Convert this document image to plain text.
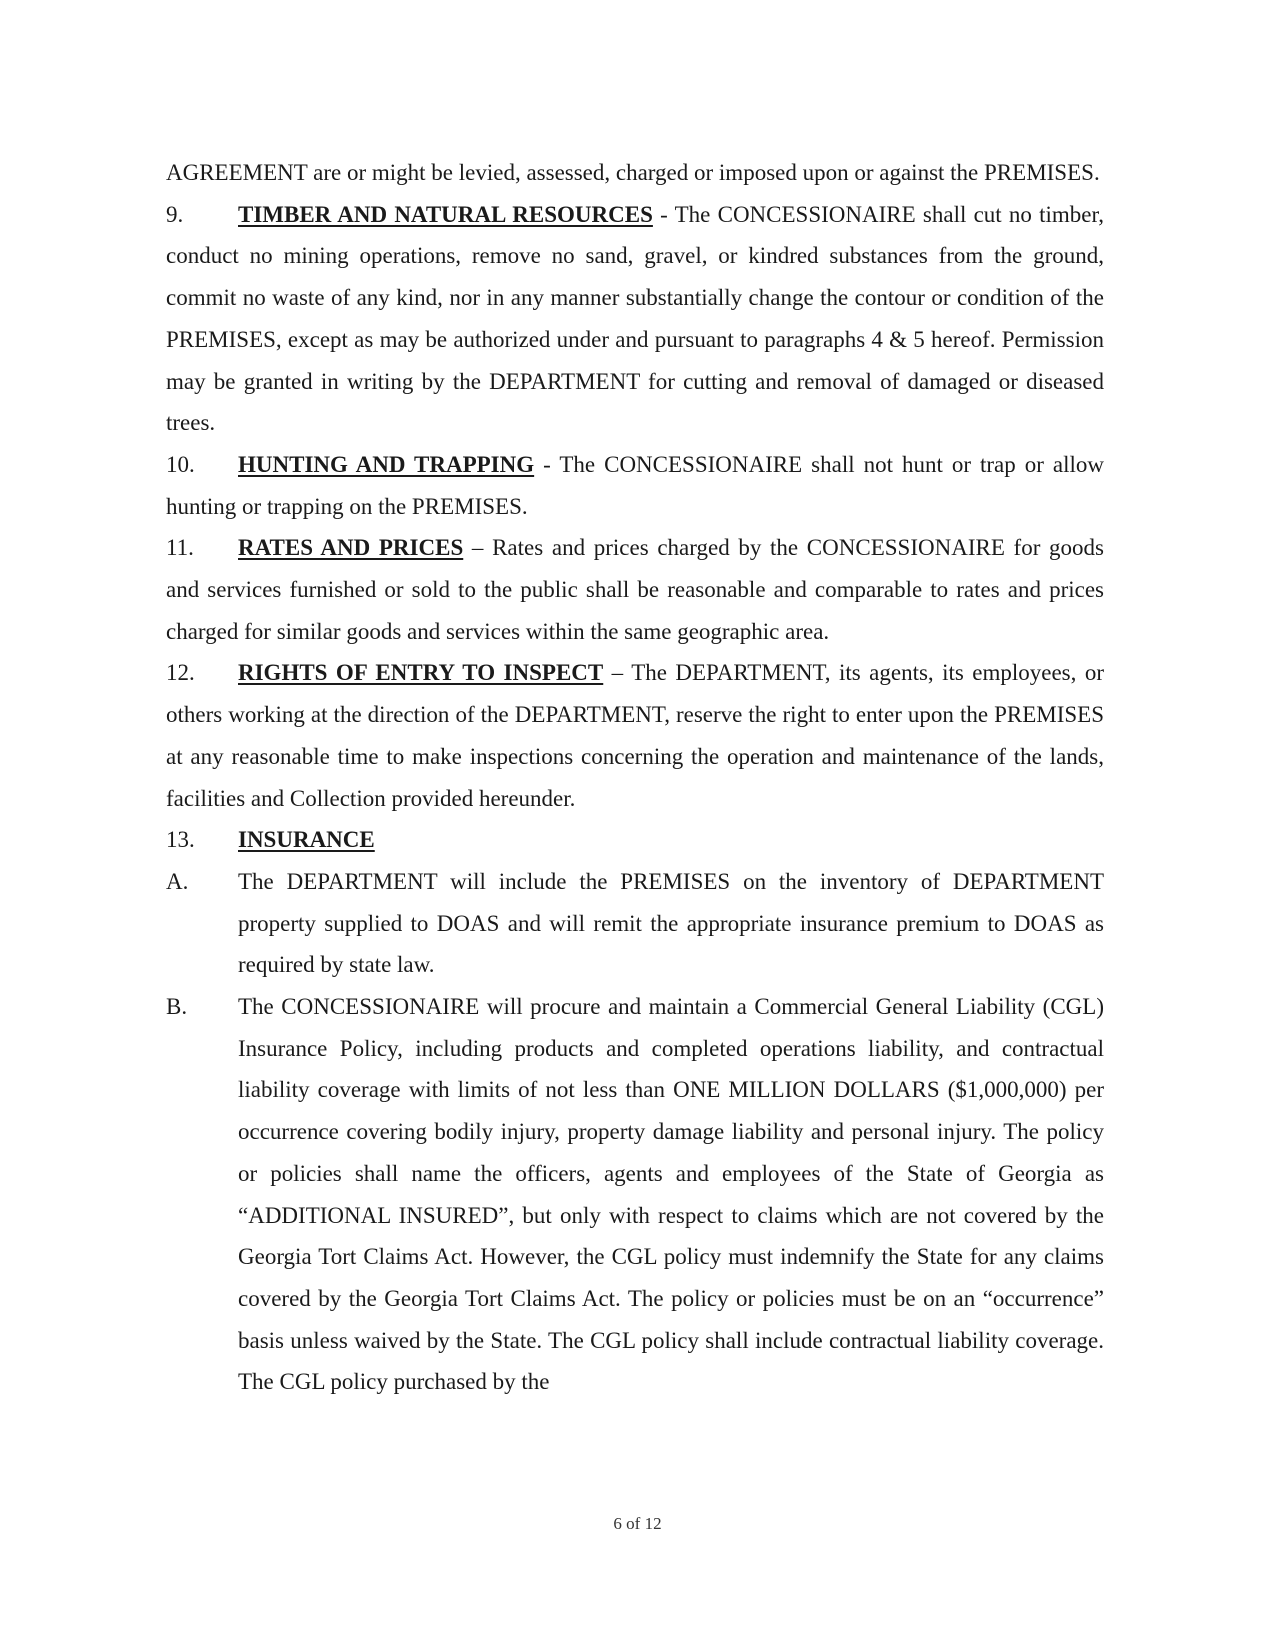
AGREEMENT are or might be levied, assessed, charged or imposed upon or against the PREMISES.

9. TIMBER AND NATURAL RESOURCES - The CONCESSIONAIRE shall cut no timber, conduct no mining operations, remove no sand, gravel, or kindred substances from the ground, commit no waste of any kind, nor in any manner substantially change the contour or condition of the PREMISES, except as may be authorized under and pursuant to paragraphs 4 & 5 hereof. Permission may be granted in writing by the DEPARTMENT for cutting and removal of damaged or diseased trees.

10. HUNTING AND TRAPPING - The CONCESSIONAIRE shall not hunt or trap or allow hunting or trapping on the PREMISES.

11. RATES AND PRICES – Rates and prices charged by the CONCESSIONAIRE for goods and services furnished or sold to the public shall be reasonable and comparable to rates and prices charged for similar goods and services within the same geographic area.

12. RIGHTS OF ENTRY TO INSPECT – The DEPARTMENT, its agents, its employees, or others working at the direction of the DEPARTMENT, reserve the right to enter upon the PREMISES at any reasonable time to make inspections concerning the operation and maintenance of the lands, facilities and Collection provided hereunder.

13. INSURANCE

A.	The DEPARTMENT will include the PREMISES on the inventory of DEPARTMENT property supplied to DOAS and will remit the appropriate insurance premium to DOAS as required by state law.
B.	The CONCESSIONAIRE will procure and maintain a Commercial General Liability (CGL) Insurance Policy, including products and completed operations liability, and contractual liability coverage with limits of not less than ONE MILLION DOLLARS ($1,000,000) per occurrence covering bodily injury, property damage liability and personal injury. The policy or policies shall name the officers, agents and employees of the State of Georgia as “ADDITIONAL INSURED”, but only with respect to claims which are not covered by the Georgia Tort Claims Act. However, the CGL policy must indemnify the State for any claims covered by the Georgia Tort Claims Act. The policy or policies must be on an “occurrence” basis unless waived by the State. The CGL policy shall include contractual liability coverage. The CGL policy purchased by the
6 of 12
